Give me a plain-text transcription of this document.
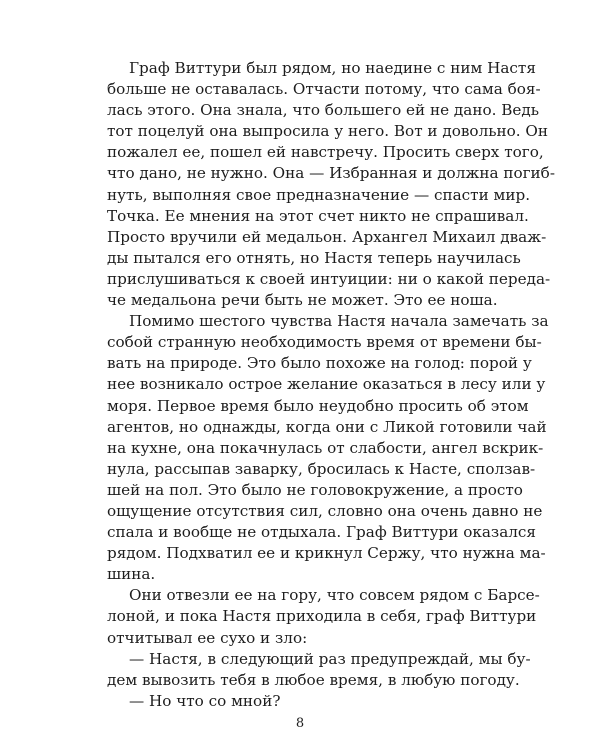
Граф Виттури был рядом, но наедине с ним Настя
больше не оставалась. Отчасти потому, что сама боя-
лась этого. Она знала, что большего ей не дано. Ведь
тот поцелуй она выпросила у него. Вот и довольно. Он
пожалел ее, пошел ей навстречу. Просить сверх того,
что дано, не нужно. Она — Избранная и должна погиб-
нуть, выполняя свое предназначение — спасти мир.
Точка. Ее мнения на этот счет никто не спрашивал.
Просто вручили ей медальон. Архангел Михаил дваж-
ды пытался его отнять, но Настя теперь научилась
прислушиваться к своей интуиции: ни о какой переда-
че медальона речи быть не может. Это ее ноша.
Помимо шестого чувства Настя начала замечать за
собой странную необходимость время от времени бы-
вать на природе. Это было похоже на голод: порой у
нее возникало острое желание оказаться в лесу или у
моря. Первое время было неудобно просить об этом
агентов, но однажды, когда они с Ликой готовили чай
на кухне, она покачнулась от слабости, ангел вскрик-
нула, рассыпав заварку, бросилась к Насте, сползав-
шей на пол. Это было не головокружение, а просто
ощущение отсутствия сил, словно она очень давно не
спала и вообще не отдыхала. Граф Виттури оказался
рядом. Подхватил ее и крикнул Сержу, что нужна ма-
шина.
Они отвезли ее на гору, что совсем рядом с Барсе-
лоной, и пока Настя приходила в себя, граф Виттури
отчитывал ее сухо и зло:
— Настя, в следующий раз предупреждай, мы бу-
дем вывозить тебя в любое время, в любую погоду.
— Но что со мной?
8
